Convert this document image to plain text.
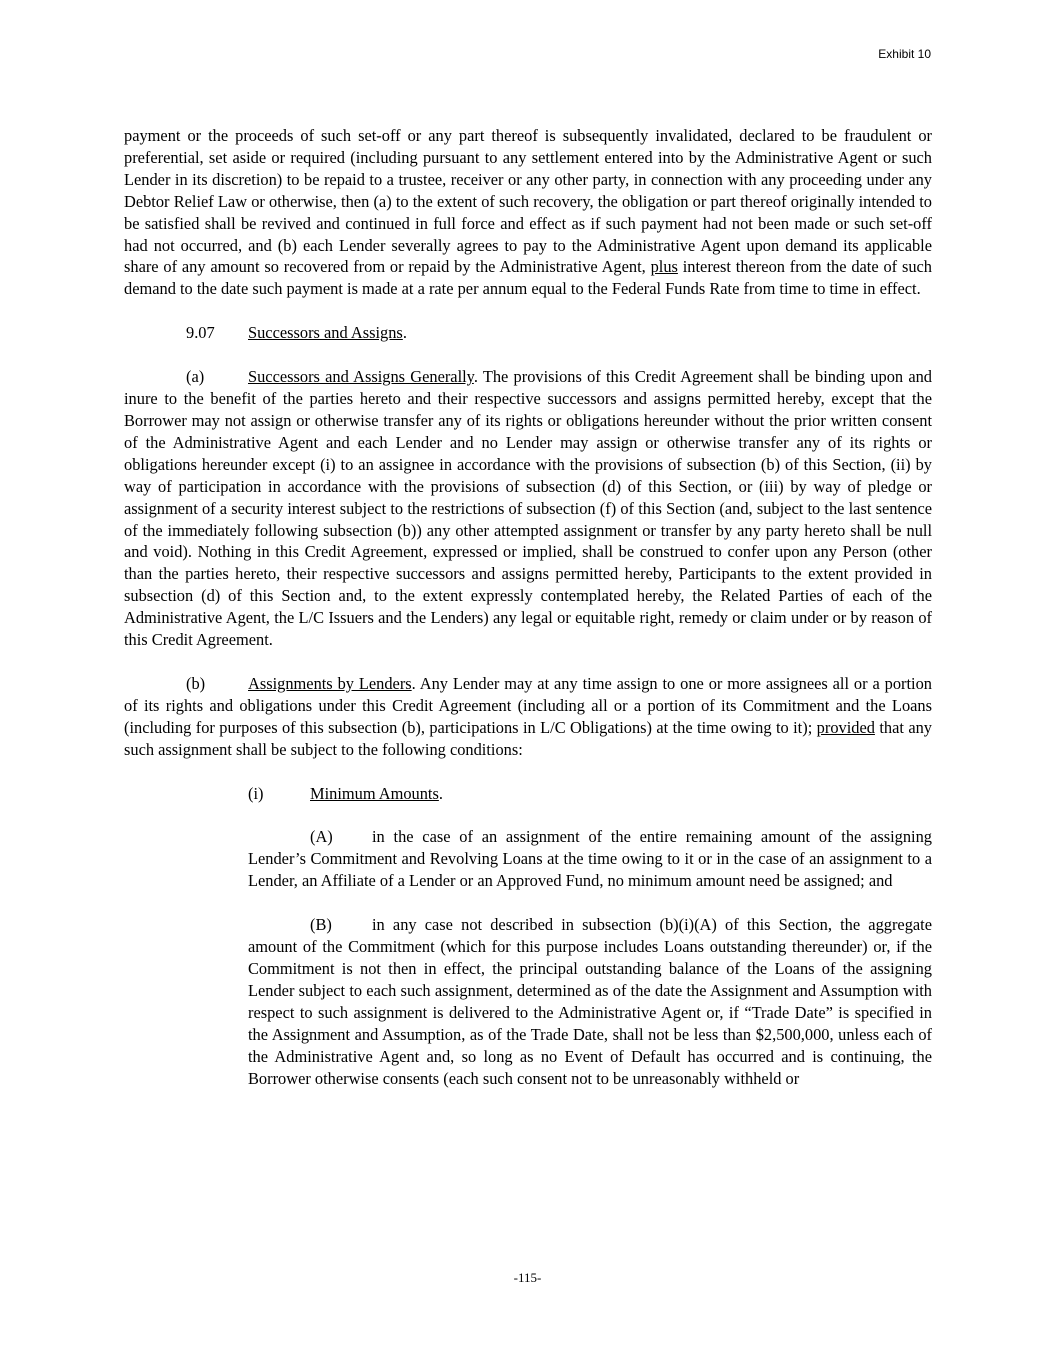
Exhibit 10

payment or the proceeds of such set-off or any part thereof is subsequently invalidated, declared to be fraudulent or preferential, set aside or required (including pursuant to any settlement entered into by the Administrative Agent or such Lender in its discretion) to be repaid to a trustee, receiver or any other party, in connection with any proceeding under any Debtor Relief Law or otherwise, then (a) to the extent of such recovery, the obligation or part thereof originally intended to be satisfied shall be revived and continued in full force and effect as if such payment had not been made or such set-off had not occurred, and (b) each Lender severally agrees to pay to the Administrative Agent upon demand its applicable share of any amount so recovered from or repaid by the Administrative Agent, plus interest thereon from the date of such demand to the date such payment is made at a rate per annum equal to the Federal Funds Rate from time to time in effect.

9.07 Successors and Assigns.

(a)	Successors and Assigns Generally. The provisions of this Credit Agreement shall be binding upon and inure to the benefit of the parties hereto and their respective successors and assigns permitted hereby, except that the Borrower may not assign or otherwise transfer any of its rights or obligations hereunder without the prior written consent of the Administrative Agent and each Lender and no Lender may assign or otherwise transfer any of its rights or obligations hereunder except (i) to an assignee in accordance with the provisions of subsection (b) of this Section, (ii) by way of participation in accordance with the provisions of subsection (d) of this Section, or (iii) by way of pledge or assignment of a security interest subject to the restrictions of subsection (f) of this Section (and, subject to the last sentence of the immediately following subsection (b)) any other attempted assignment or transfer by any party hereto shall be null and void). Nothing in this Credit Agreement, expressed or implied, shall be construed to confer upon any Person (other than the parties hereto, their respective successors and assigns permitted hereby, Participants to the extent provided in subsection (d) of this Section and, to the extent expressly contemplated hereby, the Related Parties of each of the Administrative Agent, the L/C Issuers and the Lenders) any legal or equitable right, remedy or claim under or by reason of this Credit Agreement.

(b)	Assignments by Lenders. Any Lender may at any time assign to one or more assignees all or a portion of its rights and obligations under this Credit Agreement (including all or a portion of its Commitment and the Loans (including for purposes of this subsection (b), participations in L/C Obligations) at the time owing to it); provided that any such assignment shall be subject to the following conditions:

(i)	Minimum Amounts.

(A) in the case of an assignment of the entire remaining amount of the assigning Lender’s Commitment and Revolving Loans at the time owing to it or in the case of an assignment to a Lender, an Affiliate of a Lender or an Approved Fund, no minimum amount need be assigned; and

(B) in any case not described in subsection (b)(i)(A) of this Section, the aggregate amount of the Commitment (which for this purpose includes Loans outstanding thereunder) or, if the Commitment is not then in effect, the principal outstanding balance of the Loans of the assigning Lender subject to each such assignment, determined as of the date the Assignment and Assumption with respect to such assignment is delivered to the Administrative Agent or, if “Trade Date” is specified in the Assignment and Assumption, as of the Trade Date, shall not be less than $2,500,000, unless each of the Administrative Agent and, so long as no Event of Default has occurred and is continuing, the Borrower otherwise consents (each such consent not to be unreasonably withheld or

-115-
